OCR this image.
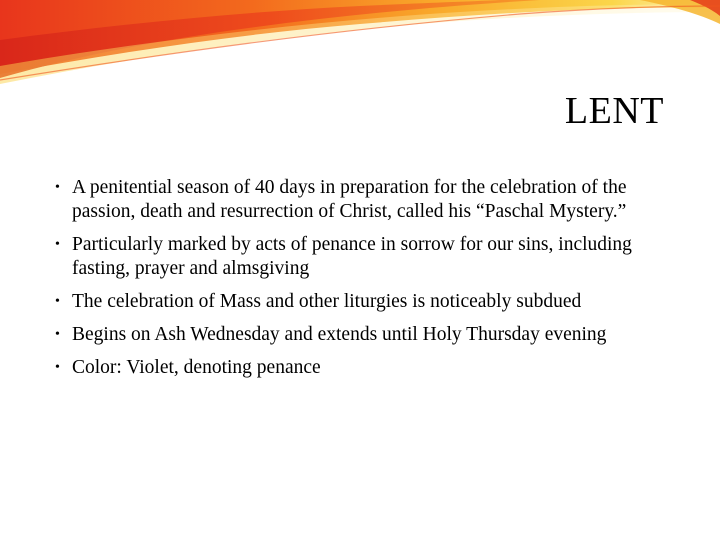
LENT
• A penitential season of 40 days in preparation for the celebration of the passion, death and resurrection of Christ, called his “Paschal Mystery.”
• Particularly marked by acts of penance in sorrow for our sins, including fasting, prayer and almsgiving
• The celebration of Mass and other liturgies is noticeably subdued
• Begins on Ash Wednesday and extends until Holy Thursday evening
• Color: Violet, denoting penance
